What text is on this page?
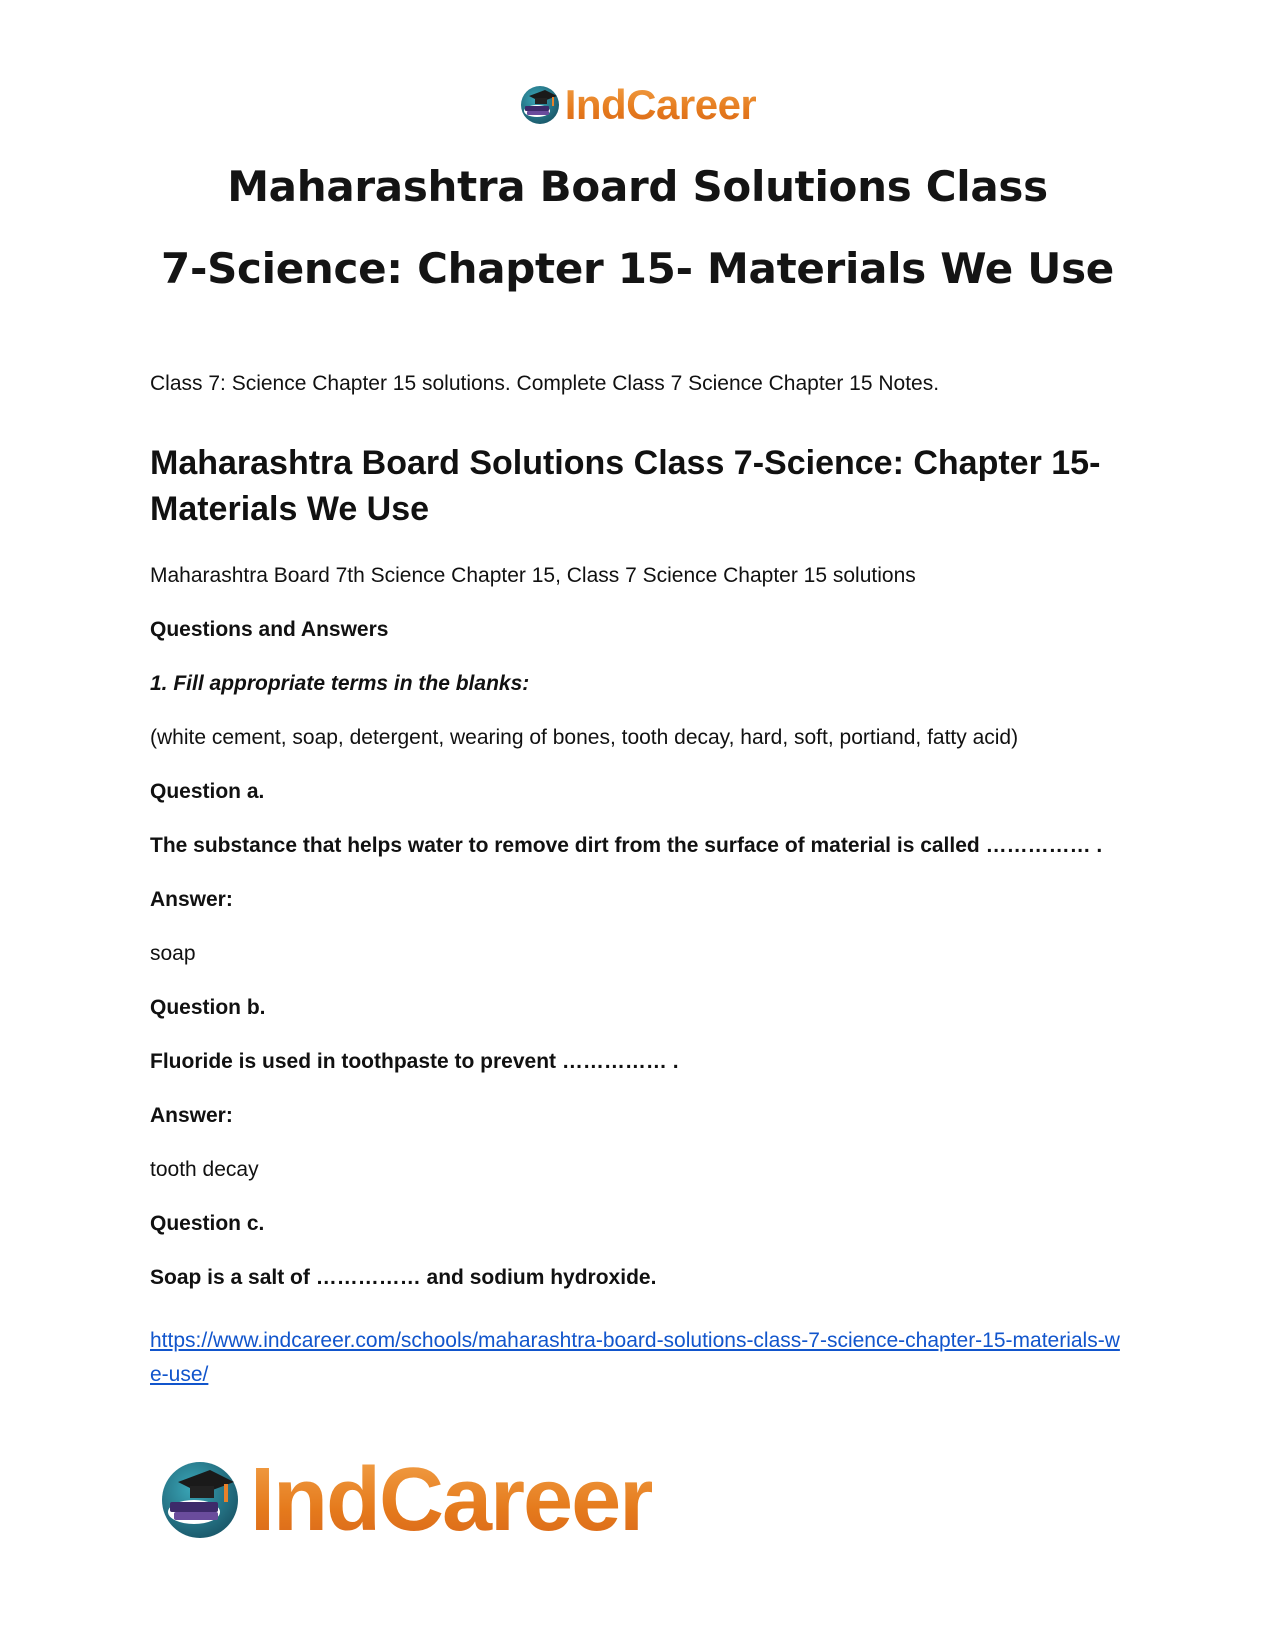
IndCareer
Maharashtra Board Solutions Class
7-Science: Chapter 15- Materials We Use

Class 7: Science Chapter 15 solutions. Complete Class 7 Science Chapter 15 Notes.

Maharashtra Board Solutions Class 7-Science: Chapter 15- Materials We Use

Maharashtra Board 7th Science Chapter 15, Class 7 Science Chapter 15 solutions

Questions and Answers

1. Fill appropriate terms in the blanks:

(white cement, soap, detergent, wearing of bones, tooth decay, hard, soft, portiand, fatty acid)

Question a.

The substance that helps water to remove dirt from the surface of material is called …………… .

Answer:

soap

Question b.

Fluoride is used in toothpaste to prevent …………… .

Answer:

tooth decay

Question c.

Soap is a salt of …………… and sodium hydroxide.

https://www.indcareer.com/schools/maharashtra-board-solutions-class-7-science-chapter-15-materials-we-use/
IndCareer
